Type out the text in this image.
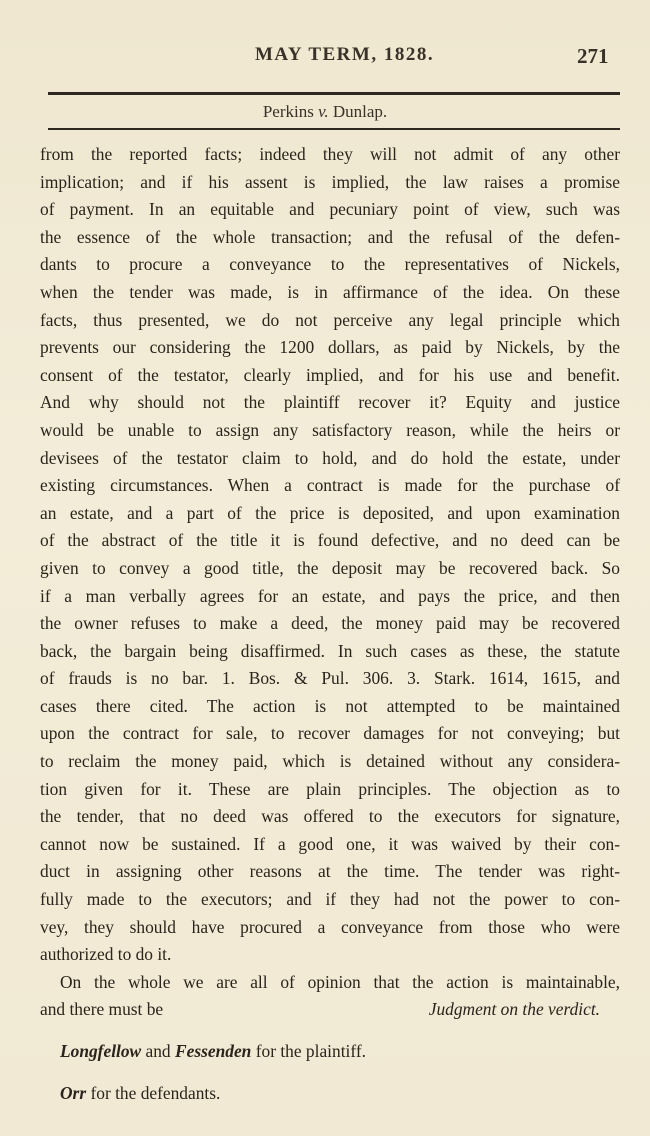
MAY TERM, 1828.	271
Perkins v. Dunlap.
from the reported facts; indeed they will not admit of any other
implication; and if his assent is implied, the law raises a promise
of payment. In an equitable and pecuniary point of view, such was
the essence of the whole transaction; and the refusal of the defen-
dants to procure a conveyance to the representatives of Nickels,
when the tender was made, is in affirmance of the idea. On these
facts, thus presented, we do not perceive any legal principle which
prevents our considering the 1200 dollars, as paid by Nickels, by the
consent of the testator, clearly implied, and for his use and benefit.
And why should not the plaintiff recover it? Equity and justice
would be unable to assign any satisfactory reason, while the heirs or
devisees of the testator claim to hold, and do hold the estate, under
existing circumstances. When a contract is made for the purchase of
an estate, and a part of the price is deposited, and upon examination
of the abstract of the title it is found defective, and no deed can be
given to convey a good title, the deposit may be recovered back. So
if a man verbally agrees for an estate, and pays the price, and then
the owner refuses to make a deed, the money paid may be recovered
back, the bargain being disaffirmed. In such cases as these, the statute
of frauds is no bar. 1. Bos. & Pul. 306. 3. Stark. 1614, 1615, and
cases there cited. The action is not attempted to be maintained
upon the contract for sale, to recover damages for not conveying; but
to reclaim the money paid, which is detained without any considera-
tion given for it. These are plain principles. The objection as to
the tender, that no deed was offered to the executors for signature,
cannot now be sustained. If a good one, it was waived by their con-
duct in assigning other reasons at the time. The tender was right-
fully made to the executors; and if they had not the power to con-
vey, they should have procured a conveyance from those who were
authorized to do it.
On the whole we are all of opinion that the action is maintainable,
and there must be	Judgment on the verdict.
Longfellow and Fessenden for the plaintiff.
Orr for the defendants.
